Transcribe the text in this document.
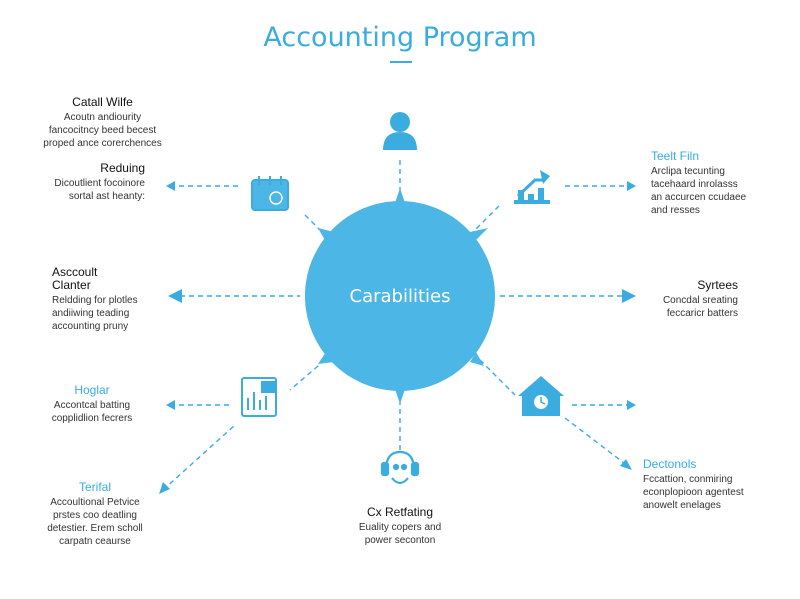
Accounting Program
Carabilities
Catall Wilfe
Acoutn andiourity
fancocitncy beed becest
proped ance corerchences
Reduing
Dicoutlient focoinore
sortal ast heanty:
Asccoult
Clanter
Reldding for plotles
andiiwing teading
accounting pruny
Hoglar
Accontcal batting
copplidlion fecrers
Terifal
Accoultional Petvice
prstes coo deatling
detestier. Erem scholl
carpatn ceaurse
Cx Retfating
Euality copers and
power seconton
Teelt Filn
Arclipa tecunting
tacehaard inrolasss
an accurcen ccudaee
and resses
Syrtees
Concdal sreating
feccaricr batters
Dectonols
Fccattion, conmiring
econplopioon agentest
anowelt enelages
